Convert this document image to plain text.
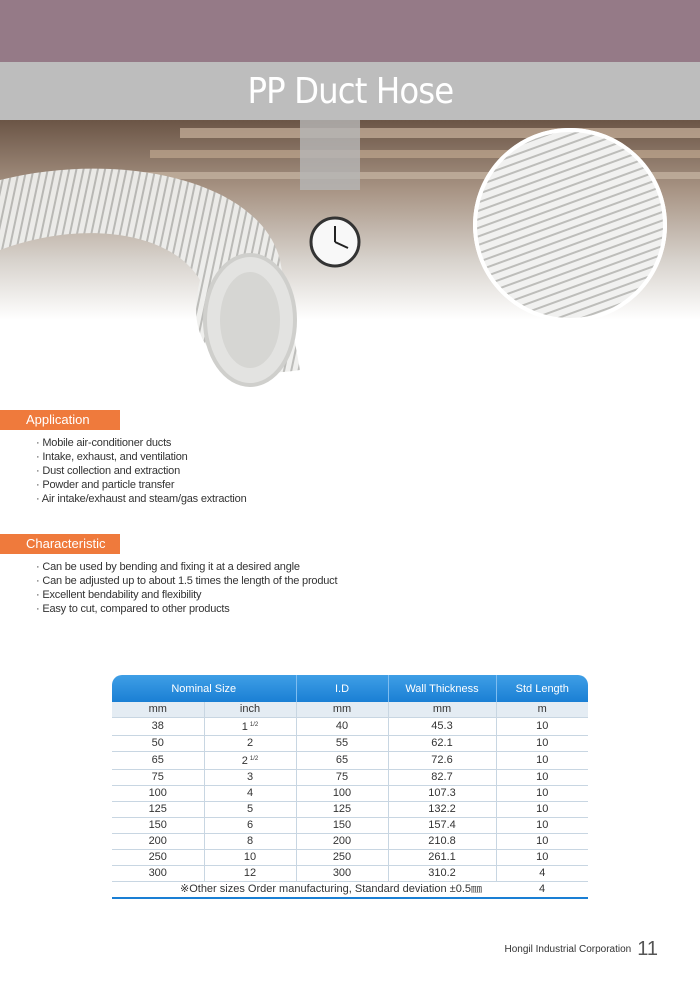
PP Duct Hose
Application
· Mobile air-conditioner ducts
· Intake, exhaust, and ventilation
· Dust collection and extraction
· Powder and particle transfer
· Air intake/exhaust and steam/gas extraction
Characteristic
· Can be used by bending and fixing it at a desired angle
· Can be adjusted up to about 1.5 times the length of the product
· Excellent bendability and flexibility
· Easy to cut, compared to other products
Nominal Size		I.D	Wall Thickness	Std Length
mm	inch	mm	mm	m
38	1 $^{1/2}$	40	45.3	10
50	2	55	62.1	10
65	2 $^{1/2}$	65	72.6	10
75	3	75	82.7	10
100	4	100	107.3	10
125	5	125	132.2	10
150	6	150	157.4	10
200	8	200	210.8	10
250	10	250	261.1	10
300	12	300	310.2	4
※Other sizes Order manufacturing, Standard deviation ±0.5㎜				4
Hongil Industrial Corporation 11
